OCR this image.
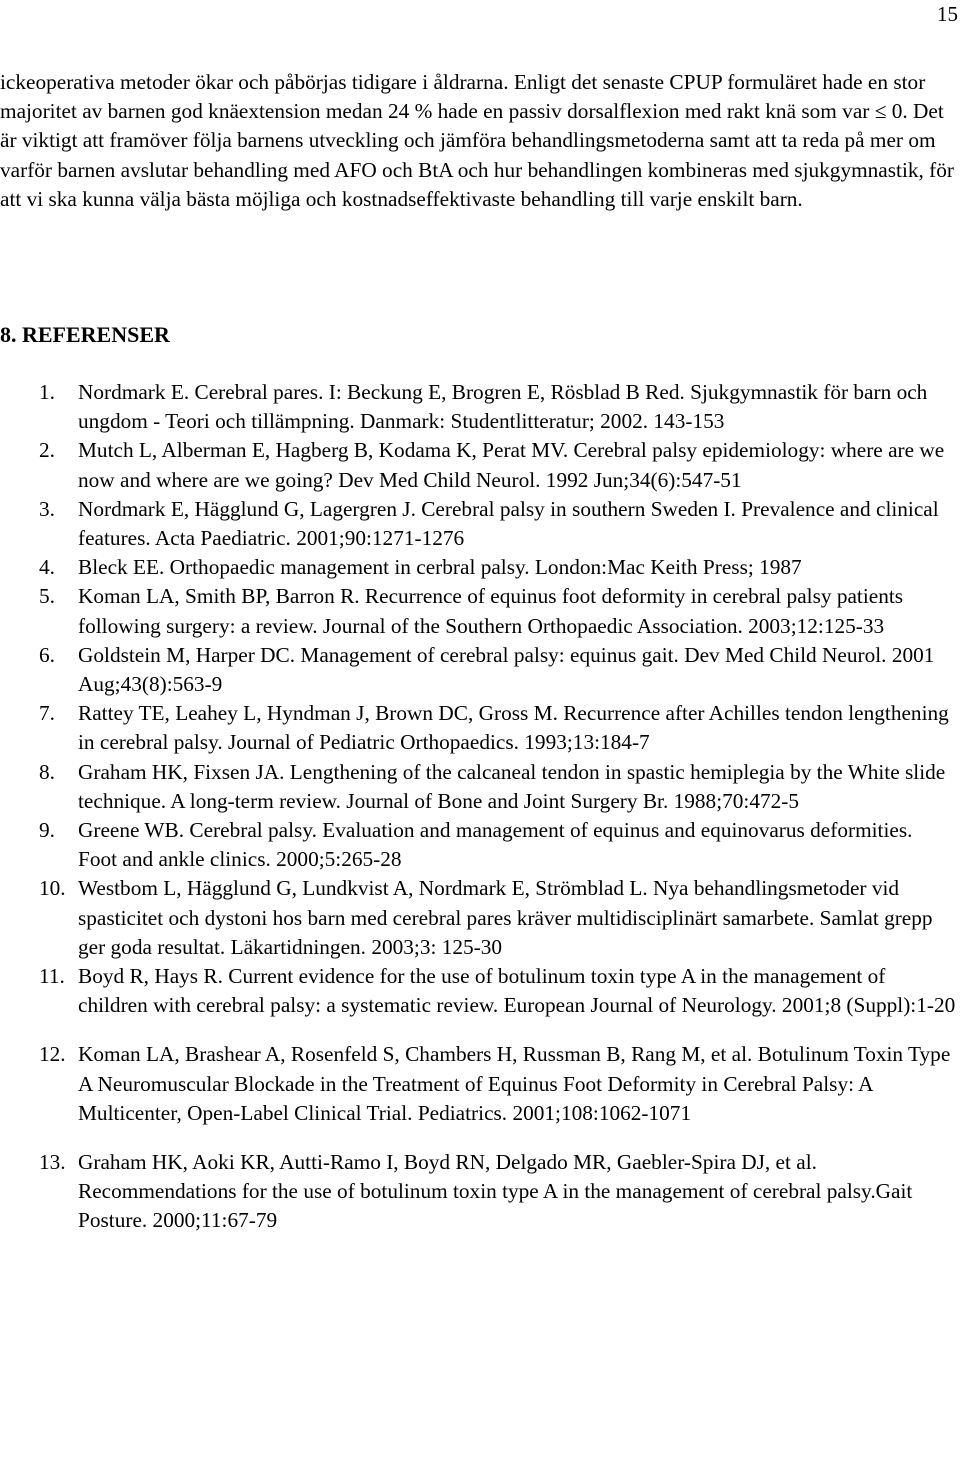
15

ickeoperativa metoder ökar och påbörjas tidigare i åldrarna. Enligt det senaste CPUP formuläret hade en stor majoritet av barnen god knäextension medan 24 % hade en passiv dorsalflexion med rakt knä som var ≤ 0. Det är viktigt att framöver följa barnens utveckling och jämföra behandlingsmetoderna samt att ta reda på mer om varför barnen avslutar behandling med AFO och BtA och hur behandlingen kombineras med sjukgymnastik, för att vi ska kunna välja bästa möjliga och kostnadseffektivaste behandling till varje enskilt barn.

8. REFERENSER
1. Nordmark E. Cerebral pares. I: Beckung E, Brogren E, Rösblad B Red. Sjukgymnastik för barn och ungdom - Teori och tillämpning. Danmark: Studentlitteratur; 2002. 143-153
2. Mutch L, Alberman E, Hagberg B, Kodama K, Perat MV. Cerebral palsy epidemiology: where are we now and where are we going? Dev Med Child Neurol. 1992 Jun;34(6):547-51
3. Nordmark E, Hägglund G, Lagergren J. Cerebral palsy in southern Sweden I. Prevalence and clinical features. Acta Paediatric. 2001;90:1271-1276
4. Bleck EE. Orthopaedic management in cerbral palsy. London:Mac Keith Press; 1987
5. Koman LA, Smith BP, Barron R. Recurrence of equinus foot deformity in cerebral palsy patients following surgery: a review. Journal of the Southern Orthopaedic Association. 2003;12:125-33
6. Goldstein M, Harper DC. Management of cerebral palsy: equinus gait. Dev Med Child Neurol. 2001 Aug;43(8):563-9
7. Rattey TE, Leahey L, Hyndman J, Brown DC, Gross M. Recurrence after Achilles tendon lengthening in cerebral palsy. Journal of Pediatric Orthopaedics. 1993;13:184-7
8. Graham HK, Fixsen JA. Lengthening of the calcaneal tendon in spastic hemiplegia by the White slide technique. A long-term review. Journal of Bone and Joint Surgery Br. 1988;70:472-5
9. Greene WB. Cerebral palsy. Evaluation and management of equinus and equinovarus deformities. Foot and ankle clinics. 2000;5:265-28
10. Westbom L, Hägglund G, Lundkvist A, Nordmark E, Strömblad L. Nya behandlingsmetoder vid spasticitet och dystoni hos barn med cerebral pares kräver multidisciplinärt samarbete. Samlat grepp ger goda resultat. Läkartidningen. 2003;3: 125-30
11. Boyd R, Hays R. Current evidence for the use of botulinum toxin type A in the management of children with cerebral palsy: a systematic review. European Journal of Neurology. 2001;8 (Suppl):1-20
12. Koman LA, Brashear A, Rosenfeld S, Chambers H, Russman B, Rang M, et al. Botulinum Toxin Type A Neuromuscular Blockade in the Treatment of Equinus Foot Deformity in Cerebral Palsy: A Multicenter, Open-Label Clinical Trial. Pediatrics. 2001;108:1062-1071
13. Graham HK, Aoki KR, Autti-Ramo I, Boyd RN, Delgado MR, Gaebler-Spira DJ, et al. Recommendations for the use of botulinum toxin type A in the management of cerebral palsy.Gait Posture. 2000;11:67-79
